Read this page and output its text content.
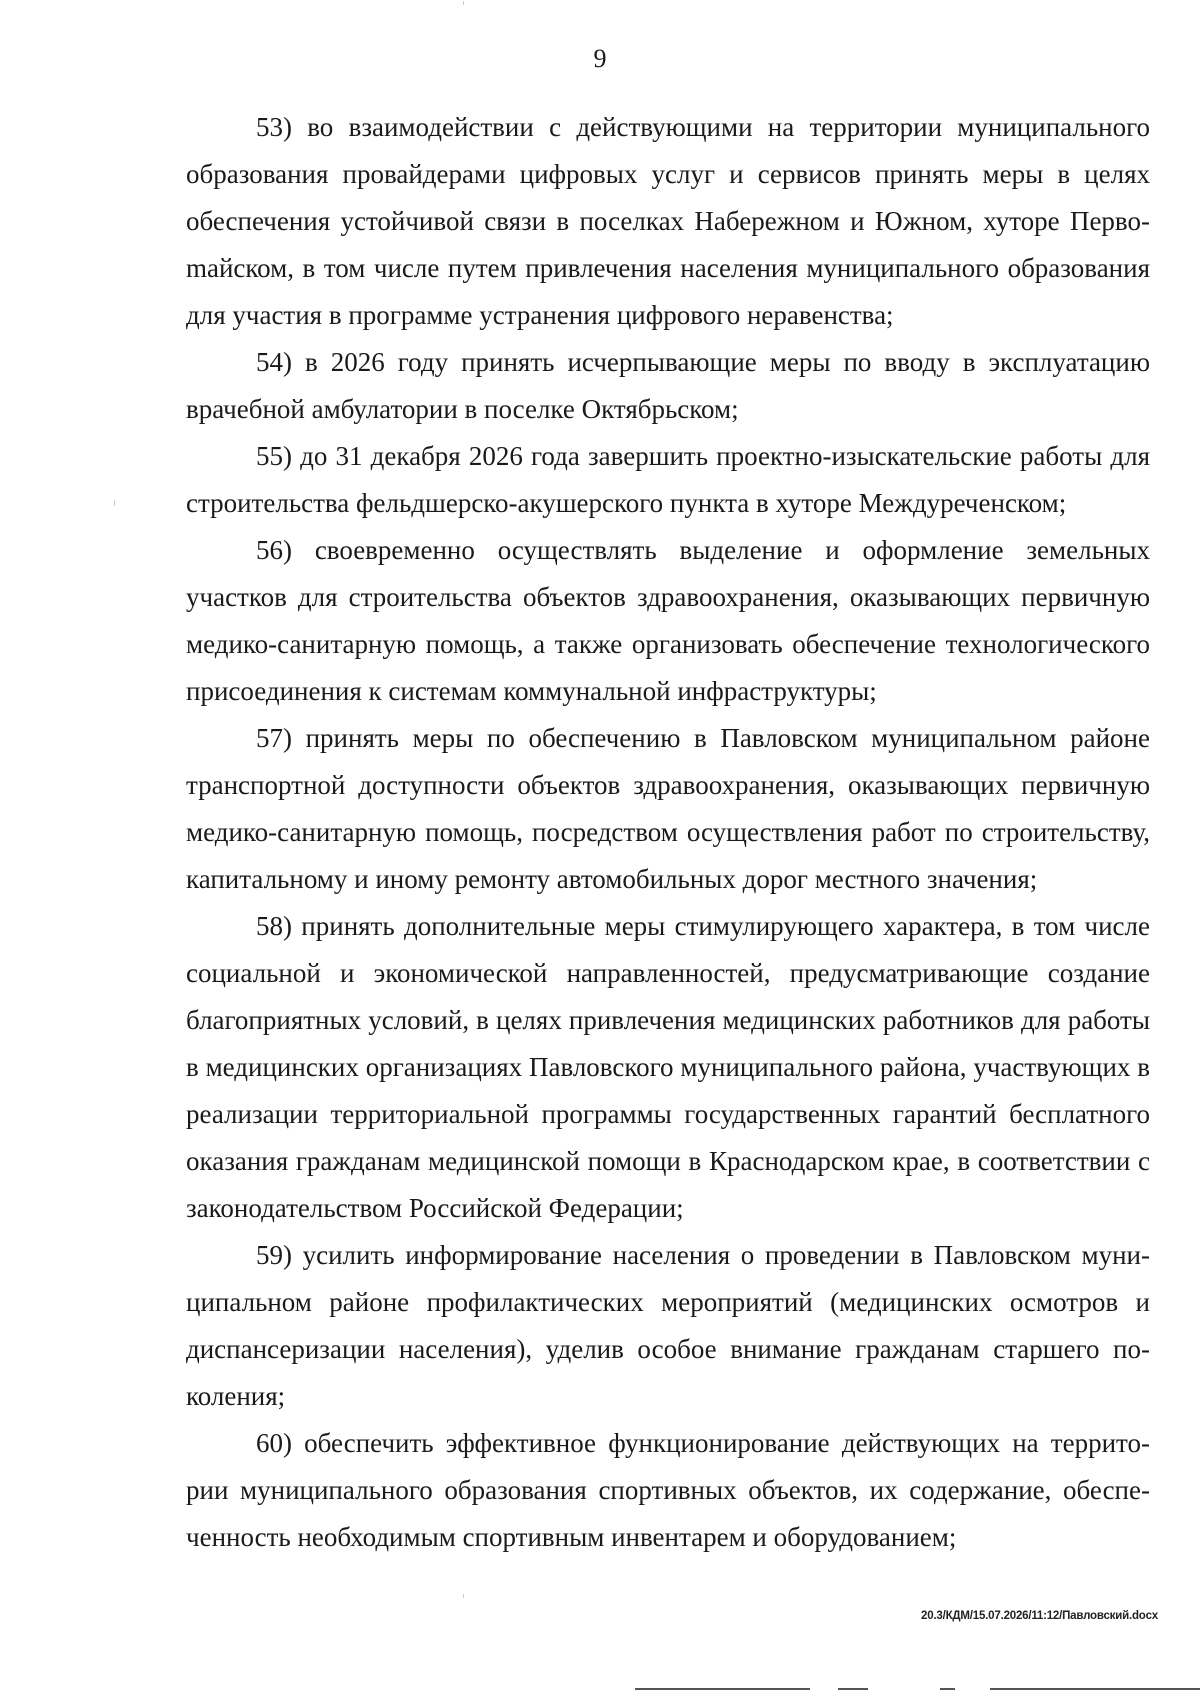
9

53) во взаимодействии с действующими на территории муниципального образования провайдерами цифровых услуг и сервисов принять меры в целях обеспечения устойчивой связи в поселках Набережном и Южном, хуторе Первоmайском, в том числе путем привлечения населения муниципального образования для участия в программе устранения цифрового неравенства;

54) в 2026 году принять исчерпывающие меры по вводу в эксплуатацию врачебной амбулатории в поселке Октябрьском;

55) до 31 декабря 2026 года завершить проектно-изыскательские работы для строительства фельдшерско-акушерского пункта в хуторе Междуреченском;

56) своевременно осуществлять выделение и оформление земельных участков для строительства объектов здравоохранения, оказывающих первичную медико-санитарную помощь, а также организовать обеспечение технологического присоединения к системам коммунальной инфраструктуры;

57) принять меры по обеспечению в Павловском муниципальном районе транспортной доступности объектов здравоохранения, оказывающих первичную медико-санитарную помощь, посредством осуществления работ по строительству, капитальному и иному ремонту автомобильных дорог местного значения;

58) принять дополнительные меры стимулирующего характера, в том числе социальной и экономической направленностей, предусматривающие создание благоприятных условий, в целях привлечения медицинских работников для работы в медицинских организациях Павловского муниципального района, участвующих в реализации территориальной программы государственных гарантий бесплатного оказания гражданам медицинской помощи в Краснодарском крае, в соответствии с законодательством Российской Федерации;

59) усилить информирование населения о проведении в Павловском муниципальном районе профилактических мероприятий (медицинских осмотров и диспансеризации населения), уделив особое внимание гражданам старшего поколения;

60) обеспечить эффективное функционирование действующих на территории муниципального образования спортивных объектов, их содержание, обеспеченность необходимым спортивным инвентарем и оборудованием;

20.3/КДМ/15.07.2026/11:12/Павловский.docx
